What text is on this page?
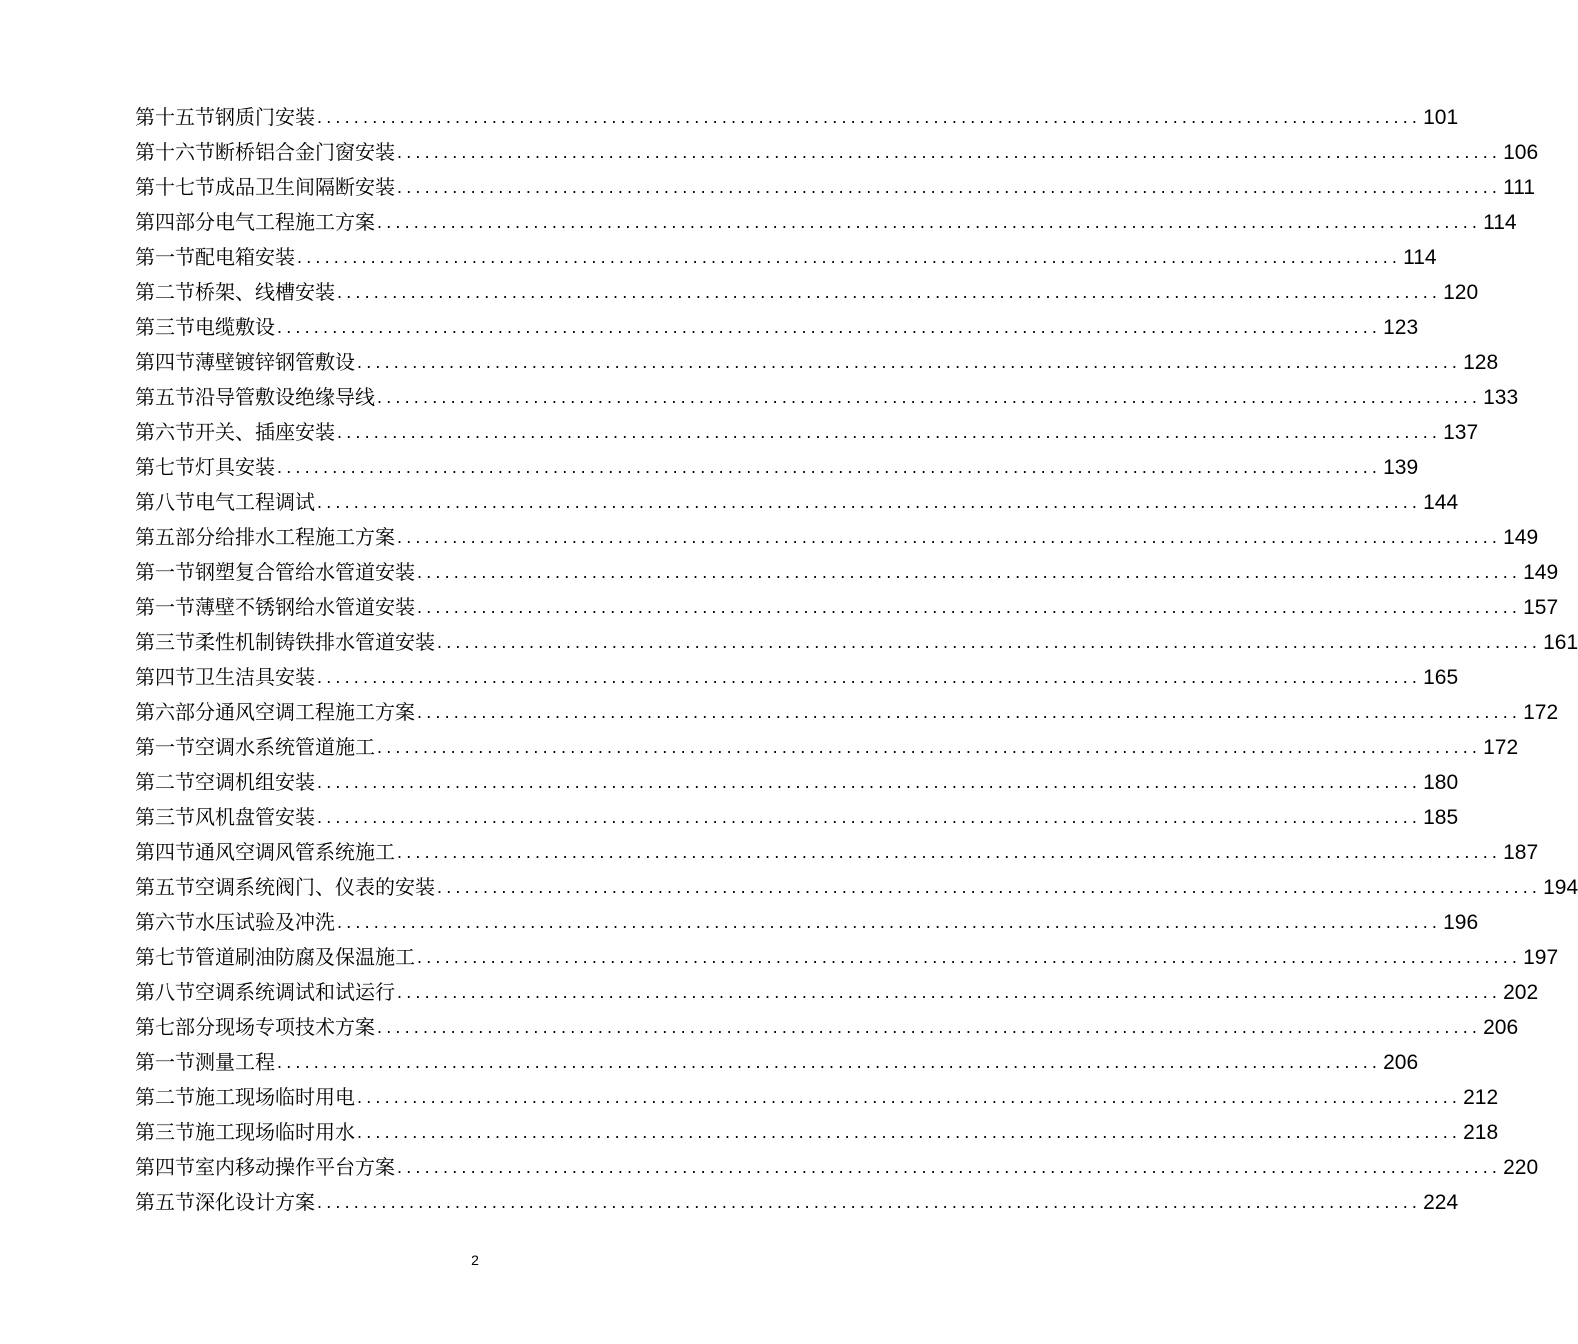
第十五节钢质门安装 ........................................................................................................................ 101
第十六节断桥铝合金门窗安装 ........................................................................................................................ 106
第十七节成品卫生间隔断安装 ........................................................................................................................ 111
第四部分电气工程施工方案 ........................................................................................................................ 114
第一节配电箱安装 ........................................................................................................................ 114
第二节桥架、线槽安装 ........................................................................................................................ 120
第三节电缆敷设 ........................................................................................................................ 123
第四节薄壁镀锌钢管敷设 ........................................................................................................................ 128
第五节沿导管敷设绝缘导线 ........................................................................................................................ 133
第六节开关、插座安装 ........................................................................................................................ 137
第七节灯具安装 ........................................................................................................................ 139
第八节电气工程调试 ........................................................................................................................ 144
第五部分给排水工程施工方案 ........................................................................................................................ 149
第一节钢塑复合管给水管道安装 ........................................................................................................................ 149
第一节薄壁不锈钢给水管道安装 ........................................................................................................................ 157
第三节柔性机制铸铁排水管道安装 ........................................................................................................................ 161
第四节卫生洁具安装 ........................................................................................................................ 165
第六部分通风空调工程施工方案 ........................................................................................................................ 172
第一节空调水系统管道施工 ........................................................................................................................ 172
第二节空调机组安装 ........................................................................................................................ 180
第三节风机盘管安装 ........................................................................................................................ 185
第四节通风空调风管系统施工 ........................................................................................................................ 187
第五节空调系统阀门、仪表的安装 ........................................................................................................................ 194
第六节水压试验及冲洗 ........................................................................................................................ 196
第七节管道刷油防腐及保温施工 ........................................................................................................................ 197
第八节空调系统调试和试运行 ........................................................................................................................ 202
第七部分现场专项技术方案 ........................................................................................................................ 206
第一节测量工程 ........................................................................................................................ 206
第二节施工现场临时用电 ........................................................................................................................ 212
第三节施工现场临时用水 ........................................................................................................................ 218
第四节室内移动操作平台方案 ........................................................................................................................ 220
第五节深化设计方案 ........................................................................................................................ 224
2
